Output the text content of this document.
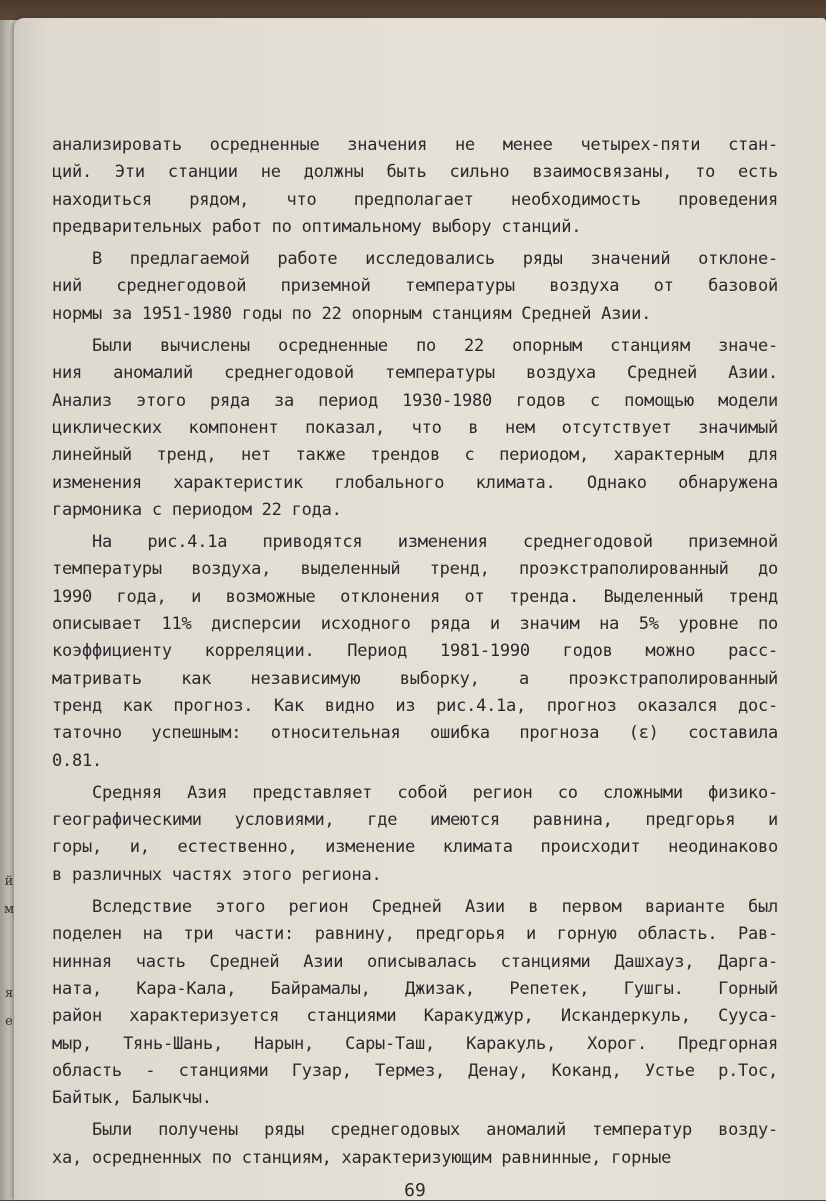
й
м
я
е
анализировать осредненные значения не менее четырех-пяти стан-
ций. Эти станции не должны быть сильно взаимосвязаны, то есть
находиться рядом, что предполагает необходимость проведения
предварительных работ по оптимальному выбору станций.
В предлагаемой работе исследовались ряды значений отклоне-
ний среднегодовой приземной температуры воздуха от базовой
нормы за 1951-1980 годы по 22 опорным станциям Средней Азии.
Были вычислены осредненные по 22 опорным станциям значе-
ния аномалий среднегодовой температуры воздуха Средней Азии.
Анализ этого ряда за период 1930-1980 годов с помощью модели
циклических компонент показал, что в нем отсутствует значимый
линейный тренд, нет также трендов с периодом, характерным для
изменения характеристик глобального климата. Однако обнаружена
гармоника с периодом 22 года.
На рис.4.1а приводятся изменения среднегодовой приземной
температуры воздуха, выделенный тренд, проэкстраполированный до
1990 года, и возможные отклонения от тренда. Выделенный тренд
описывает 11% дисперсии исходного ряда и значим на 5% уровне по
коэффициенту корреляции. Период 1981-1990 годов можно расс-
матривать как независимую выборку, а проэкстраполированный
тренд как прогноз. Как видно из рис.4.1а, прогноз оказался дос-
таточно успешным: относительная ошибка прогноза (ε) составила
0.81.
Средняя Азия представляет собой регион со сложными физико-
географическими условиями, где имеются равнина, предгорья и
горы, и, естественно, изменение климата происходит неодинаково
в различных частях этого региона.
Вследствие этого регион Средней Азии в первом варианте был
поделен на три части: равнину, предгорья и горную область. Рав-
нинная часть Средней Азии описывалась станциями Дашхауз, Дарга-
ната, Кара-Кала, Байрамалы, Джизак, Репетек, Гушгы. Горный
район характеризуется станциями Каракуджур, Искандеркуль, Сууса-
мыр, Тянь-Шань, Нарын, Сары-Таш, Каракуль, Хорог. Предгорная
область - станциями Гузар, Термез, Денау, Коканд, Устье р.Тос,
Байтык, Балыкчы.
Были получены ряды среднегодовых аномалий температур возду-
ха, осредненных по станциям, характеризующим равнинные, горные
69
